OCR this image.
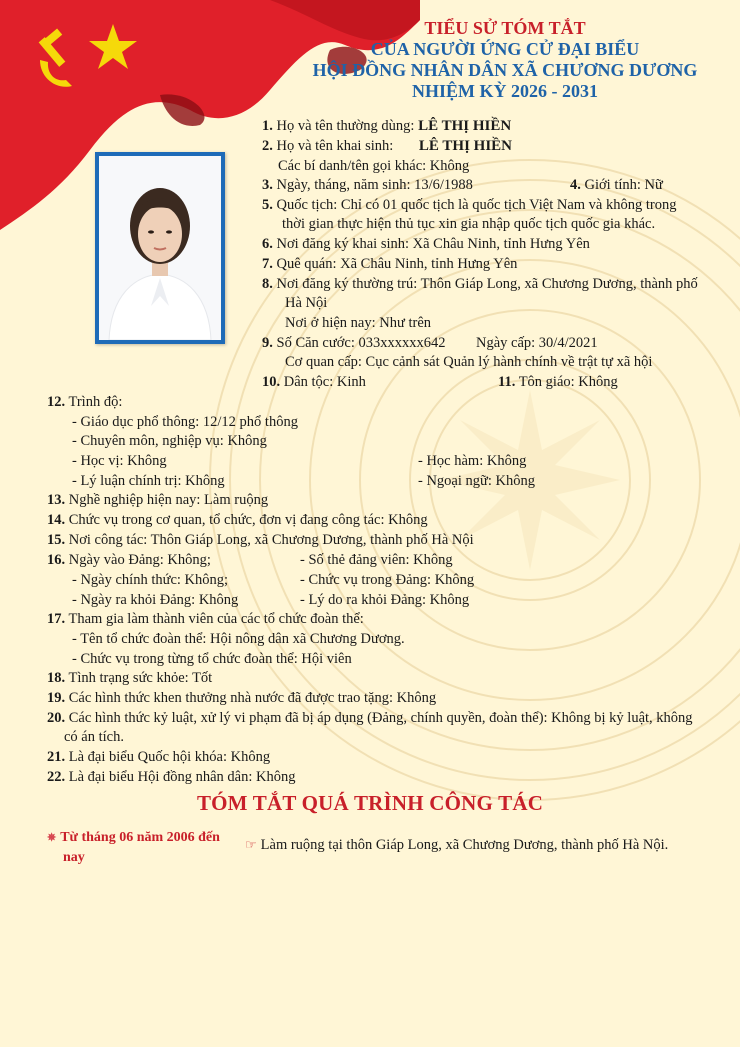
TIỂU SỬ TÓM TẮT
CỦA NGƯỜI ỨNG CỬ ĐẠI BIỂU
HỘI ĐỒNG NHÂN DÂN XÃ CHƯƠNG DƯƠNG
NHIỆM KỲ 2026 - 2031
1. Họ và tên thường dùng: LÊ THỊ HIỀN
2. Họ và tên khai sinh: LÊ THỊ HIỀN
Các bí danh/tên gọi khác: Không
3. Ngày, tháng, năm sinh: 13/6/1988	4. Giới tính: Nữ
5. Quốc tịch: Chỉ có 01 quốc tịch là quốc tịch Việt Nam và không trong
thời gian thực hiện thủ tục xin gia nhập quốc tịch quốc gia khác.
6. Nơi đăng ký khai sinh: Xã Châu Ninh, tỉnh Hưng Yên
7. Quê quán: Xã Châu Ninh, tỉnh Hưng Yên
8. Nơi đăng ký thường trú: Thôn Giáp Long, xã Chương Dương, thành phố
Hà Nội
Nơi ở hiện nay: Như trên
9. Số Căn cước: 033xxxxxx642 Ngày cấp: 30/4/2021
Cơ quan cấp: Cục cảnh sát Quản lý hành chính về trật tự xã hội
10. Dân tộc: Kinh	11. Tôn giáo: Không
12. Trình độ:
- Giáo dục phổ thông: 12/12 phổ thông
- Chuyên môn, nghiệp vụ: Không
- Học vị: Không	- Học hàm: Không
- Lý luận chính trị: Không	- Ngoại ngữ: Không
13. Nghề nghiệp hiện nay: Làm ruộng
14. Chức vụ trong cơ quan, tổ chức, đơn vị đang công tác: Không
15. Nơi công tác: Thôn Giáp Long, xã Chương Dương, thành phố Hà Nội
16. Ngày vào Đảng: Không;	- Số thẻ đảng viên: Không
- Ngày chính thức: Không;	- Chức vụ trong Đảng: Không
- Ngày ra khỏi Đảng: Không	- Lý do ra khỏi Đảng: Không
17. Tham gia làm thành viên của các tổ chức đoàn thể:
- Tên tổ chức đoàn thể: Hội nông dân xã Chương Dương.
- Chức vụ trong từng tổ chức đoàn thể: Hội viên
18. Tình trạng sức khỏe: Tốt
19. Các hình thức khen thưởng nhà nước đã được trao tặng: Không
20. Các hình thức kỷ luật, xử lý vi phạm đã bị áp dụng (Đảng, chính quyền, đoàn thể): Không bị kỷ luật, không
có án tích.
21. Là đại biểu Quốc hội khóa: Không
22. Là đại biểu Hội đồng nhân dân: Không
TÓM TẮT QUÁ TRÌNH CÔNG TÁC
✵ Từ tháng 06 năm 2006 đến
nay
☞ Làm ruộng tại thôn Giáp Long, xã Chương Dương, thành phố Hà Nội.
